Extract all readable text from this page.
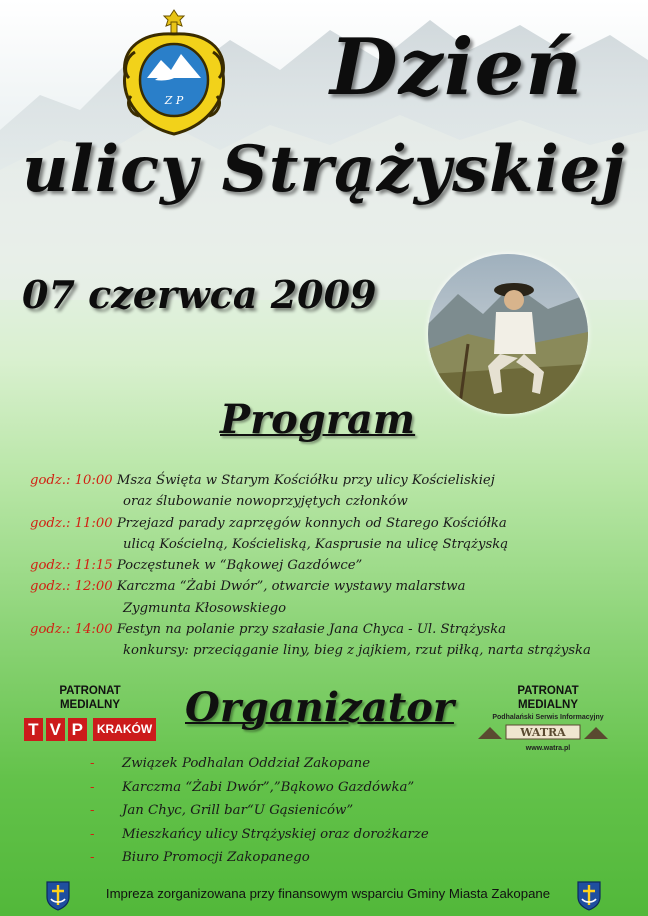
Z P Dzień
ulicy Strążyskiej
07 czerwca 2009
Program
godz.: 10:00 Msza Święta w Starym Kościółku przy ulicy Kościeliskiej
oraz ślubowanie nowoprzyjętych członków
godz.: 11:00 Przejazd parady zaprzęgów konnych od Starego Kościółka
ulicą Kościelną, Kościeliską, Kasprusie na ulicę Strążyską
godz.: 11:15 Poczęstunek w “Bąkowej Gazdówce”
godz.: 12:00 Karczma “Żabi Dwór”, otwarcie wystawy malarstwa
Zygmunta Kłosowskiego
godz.: 14:00 Festyn na polanie przy szałasie Jana Chyca - Ul. Strążyska
konkursy: przeciąganie liny, bieg z jajkiem, rzut piłką, narta strążyska
PATRONAT
MEDIALNY
T V P	KRAKÓW Organizator	PATRONAT
MEDIALNY
Podhalański Serwis Informacyjny
WATRA
www.watra.pl
- Związek Podhalan Oddział Zakopane
- Karczma “Żabi Dwór”,”Bąkowo Gazdówka”
- Jan Chyc, Grill bar“U Gąsieniców”
- Mieszkańcy ulicy Strążyskiej oraz dorożkarze
- Biuro Promocji Zakopanego
Impreza zorganizowana przy finansowym wsparciu Gminy Miasta Zakopane
